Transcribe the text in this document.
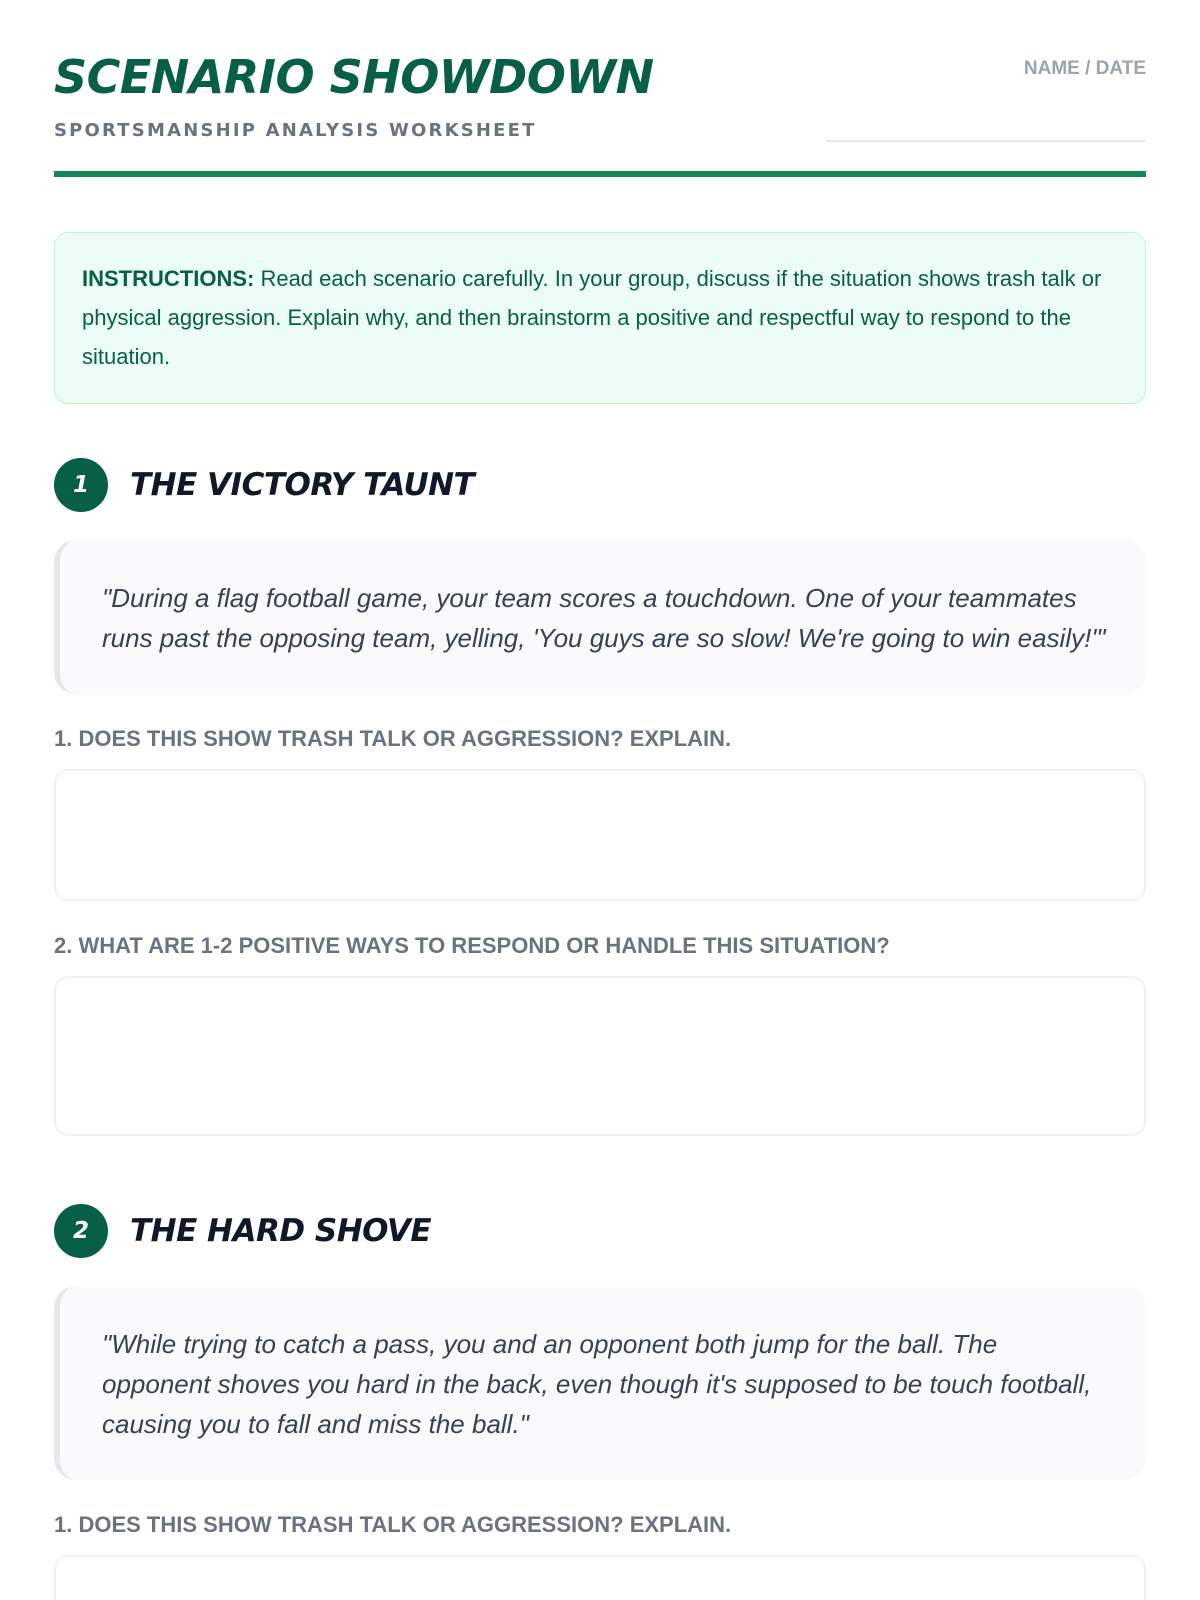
SCENARIO SHOWDOWN
SPORTSMANSHIP ANALYSIS WORKSHEET
NAME / DATE
INSTRUCTIONS: Read each scenario carefully. In your group, discuss if the situation shows trash talk or physical aggression. Explain why, and then brainstorm a positive and respectful way to respond to the situation.
1	THE VICTORY TAUNT
"During a flag football game, your team scores a touchdown. One of your teammates runs past the opposing team, yelling, 'You guys are so slow! We're going to win easily!'"
1. DOES THIS SHOW TRASH TALK OR AGGRESSION? EXPLAIN.
2. WHAT ARE 1-2 POSITIVE WAYS TO RESPOND OR HANDLE THIS SITUATION?
2	THE HARD SHOVE
"While trying to catch a pass, you and an opponent both jump for the ball. The opponent shoves you hard in the back, even though it's supposed to be touch football, causing you to fall and miss the ball."
1. DOES THIS SHOW TRASH TALK OR AGGRESSION? EXPLAIN.
